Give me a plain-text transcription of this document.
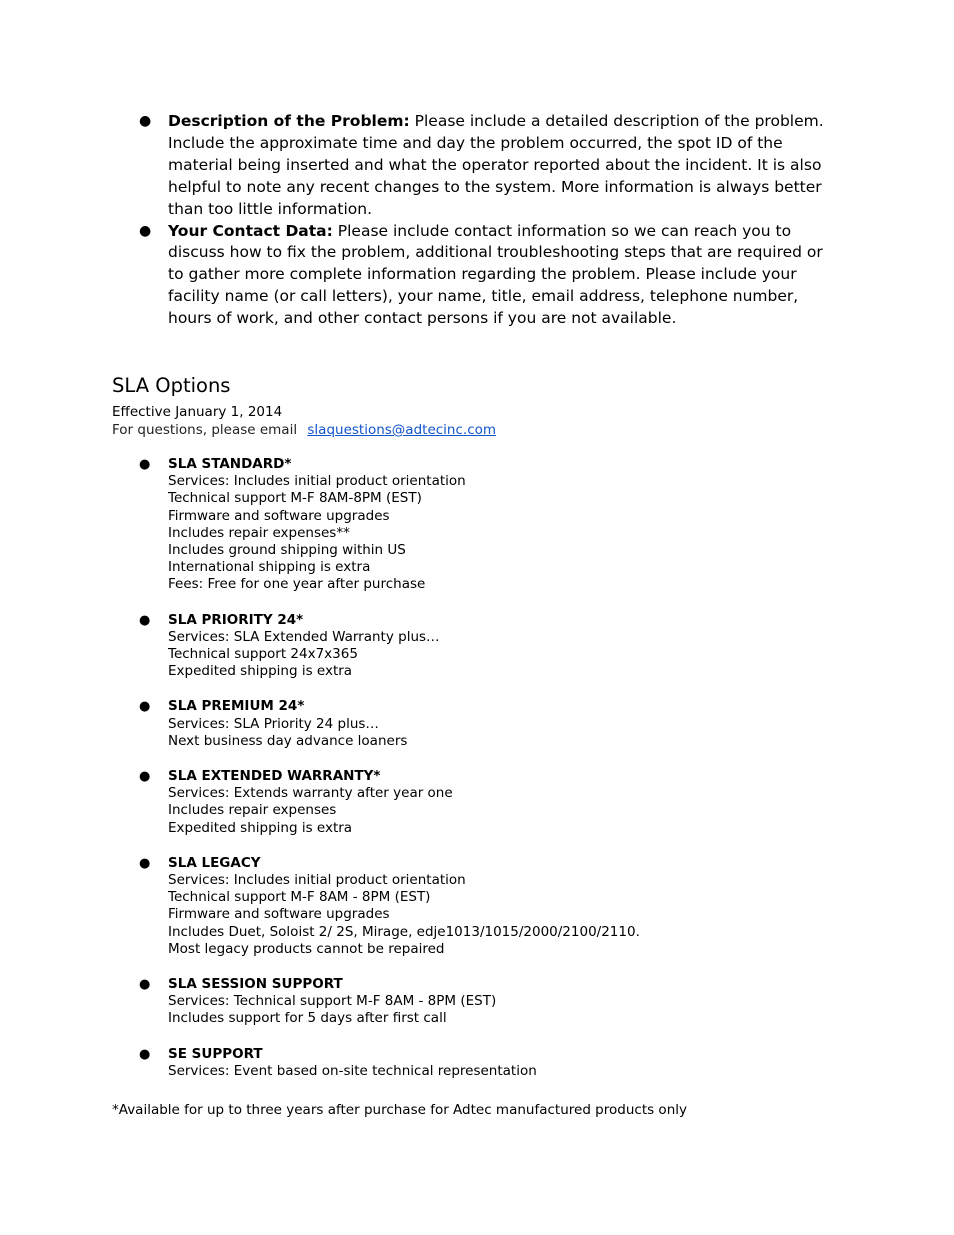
● Description of the Problem: Please include a detailed description of the problem. Include the approximate time and day the problem occurred, the spot ID of the material being inserted and what the operator reported about the incident. It is also helpful to note any recent changes to the system. More information is always better than too little information.
● Your Contact Data: Please include contact information so we can reach you to discuss how to fix the problem, additional troubleshooting steps that are required or to gather more complete information regarding the problem. Please include your facility name (or call letters), your name, title, email address, telephone number, hours of work, and other contact persons if you are not available.
SLA Options

Effective January 1, 2014

For questions, please email slaquestions@adtecinc.com

● SLA STANDARD*
Services: Includes initial product orientation
Technical support M-F 8AM-8PM (EST)
Firmware and software upgrades
Includes repair expenses**
Includes ground shipping within US
International shipping is extra
Fees: Free for one year after purchase
● SLA PRIORITY 24*
Services: SLA Extended Warranty plus…
Technical support 24x7x365
Expedited shipping is extra
● SLA PREMIUM 24*
Services: SLA Priority 24 plus…
Next business day advance loaners
● SLA EXTENDED WARRANTY*
Services: Extends warranty after year one
Includes repair expenses
Expedited shipping is extra
● SLA LEGACY
Services: Includes initial product orientation
Technical support M-F 8AM - 8PM (EST)
Firmware and software upgrades
Includes Duet, Soloist 2/ 2S, Mirage, edje1013/1015/2000/2100/2110.
Most legacy products cannot be repaired
● SLA SESSION SUPPORT
Services: Technical support M-F 8AM - 8PM (EST)
Includes support for 5 days after first call
● SE SUPPORT
Services: Event based on-site technical representation

*Available for up to three years after purchase for Adtec manufactured products only
